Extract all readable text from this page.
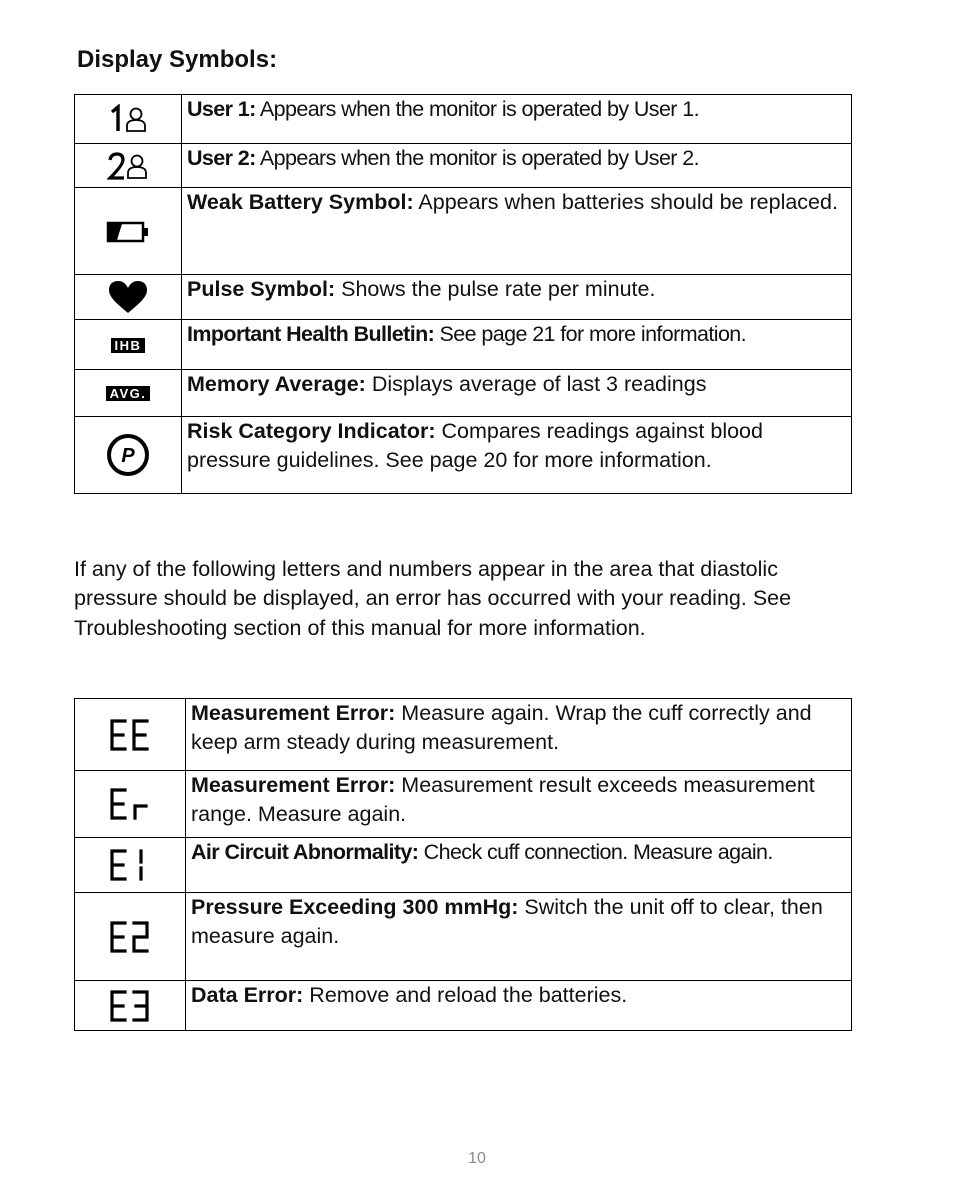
Display Symbols:
	User 1: Appears when the monitor is operated by User 1.
	User 2: Appears when the monitor is operated by User 2.
	Weak Battery Symbol: Appears when batteries should be replaced.
	Pulse Symbol: Shows the pulse rate per minute.
IHB	Important Health Bulletin: See page 21 for more information.
AVG.	Memory Average: Displays average of last 3 readings

P	Risk Category Indicator: Compares readings against blood pressure guidelines. See page 20 for more information.

If any of the following letters and numbers appear in the area that diastolic pressure should be displayed, an error has occurred with your reading. See Troubleshooting section of this manual for more information.

	Measurement Error: Measure again. Wrap the cuff correctly and keep arm steady during measurement.
	Measurement Error: Measurement result exceeds measurement range. Measure again.
	Air Circuit Abnormality: Check cuff connection. Measure again.
	Pressure Exceeding 300 mmHg: Switch the unit off to clear, then measure again.
	Data Error: Remove and reload the batteries.
10
